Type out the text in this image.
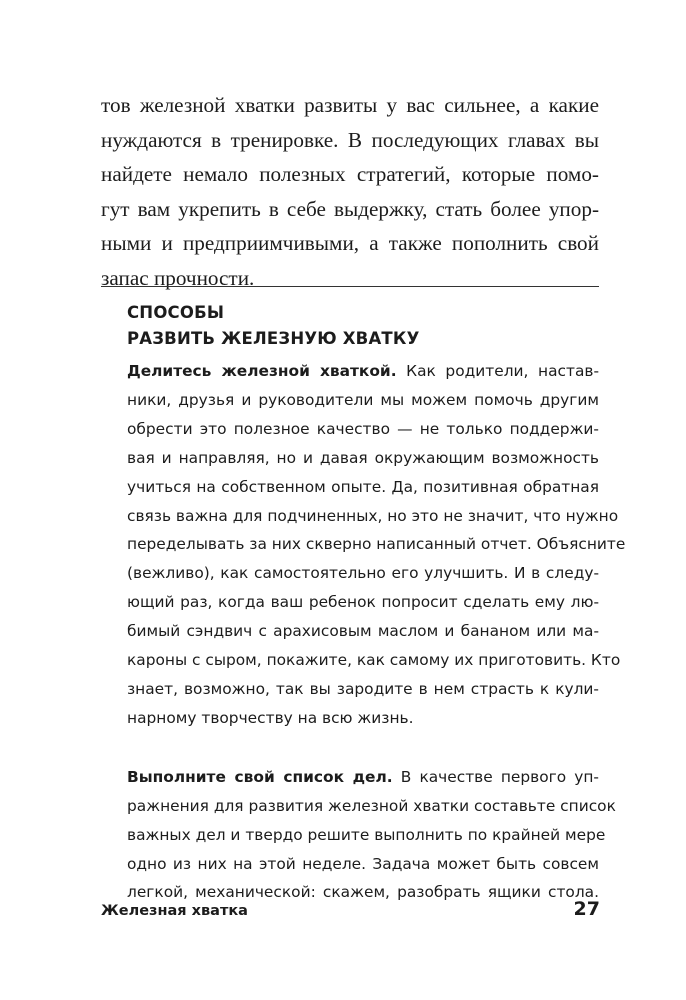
тов железной хватки развиты у вас сильнее, а какие
нуждаются в тренировке. В последующих главах вы
найдете немало полезных стратегий, которые помо-
гут вам укрепить в себе выдержку, стать более упор-
ными и предприимчивыми, а также пополнить свой
запас прочности.
СПОСОБЫ
РАЗВИТЬ ЖЕЛЕЗНУЮ ХВАТКУ

Делитесь железной хваткой. Как родители, настав-
ники, друзья и руководители мы можем помочь другим
обрести это полезное качество — не только поддержи-
вая и направляя, но и давая окружающим возможность
учиться на собственном опыте. Да, позитивная обратная
связь важна для подчиненных, но это не значит, что нужно
переделывать за них скверно написанный отчет. Объясните
(вежливо), как самостоятельно его улучшить. И в следу-
ющий раз, когда ваш ребенок попросит сделать ему лю-
бимый сэндвич с арахисовым маслом и бананом или ма-
кароны с сыром, покажите, как самому их приготовить. Кто
знает, возможно, так вы зародите в нем страсть к кули-
нарному творчеству на всю жизнь.

Выполните свой список дел. В качестве первого уп-
ражнения для развития железной хватки составьте список
важных дел и твердо решите выполнить по крайней мере
одно из них на этой неделе. Задача может быть совсем
легкой, механической: скажем, разобрать ящики стола.

Железная хватка	27
